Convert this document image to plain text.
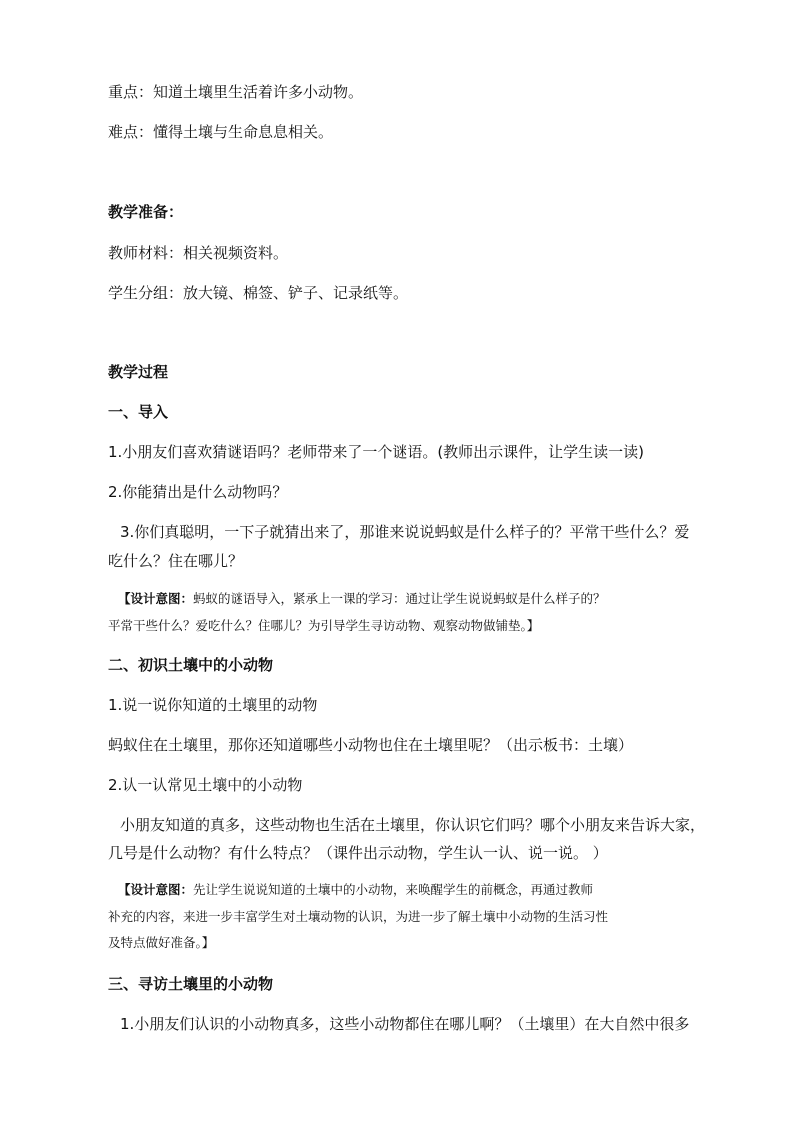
重点：知道土壤里生活着许多小动物。
难点：懂得土壤与生命息息相关。
教学准备：
教师材料：相关视频资料。
学生分组：放大镜、棉签、铲子、记录纸等。
教学过程
一、导入
1.小朋友们喜欢猜谜语吗？老师带来了一个谜语。(教师出示课件，让学生读一读)
2.你能猜出是什么动物吗？
3.你们真聪明，一下子就猜出来了，那谁来说说蚂蚁是什么样子的？平常干些什么？爱
吃什么？住在哪儿？
【设计意图：蚂蚁的谜语导入，紧承上一课的学习：通过让学生说说蚂蚁是什么样子的？
平常干些什么？爱吃什么？住哪儿？为引导学生寻访动物、观察动物做铺垫。】
二、初识土壤中的小动物
1.说一说你知道的土壤里的动物
蚂蚁住在土壤里，那你还知道哪些小动物也住在土壤里呢？（出示板书：土壤）
2.认一认常见土壤中的小动物
小朋友知道的真多，这些动物也生活在土壤里，你认识它们吗？哪个小朋友来告诉大家，
几号是什么动物？有什么特点？（课件出示动物，学生认一认、说一说。 ）
【设计意图：先让学生说说知道的土壤中的小动物，来唤醒学生的前概念，再通过教师
补充的内容，来进一步丰富学生对土壤动物的认识，为进一步了解土壤中小动物的生活习性
及特点做好准备。】
三、寻访土壤里的小动物
1.小朋友们认识的小动物真多，这些小动物都住在哪儿啊？（土壤里）在大自然中很多
